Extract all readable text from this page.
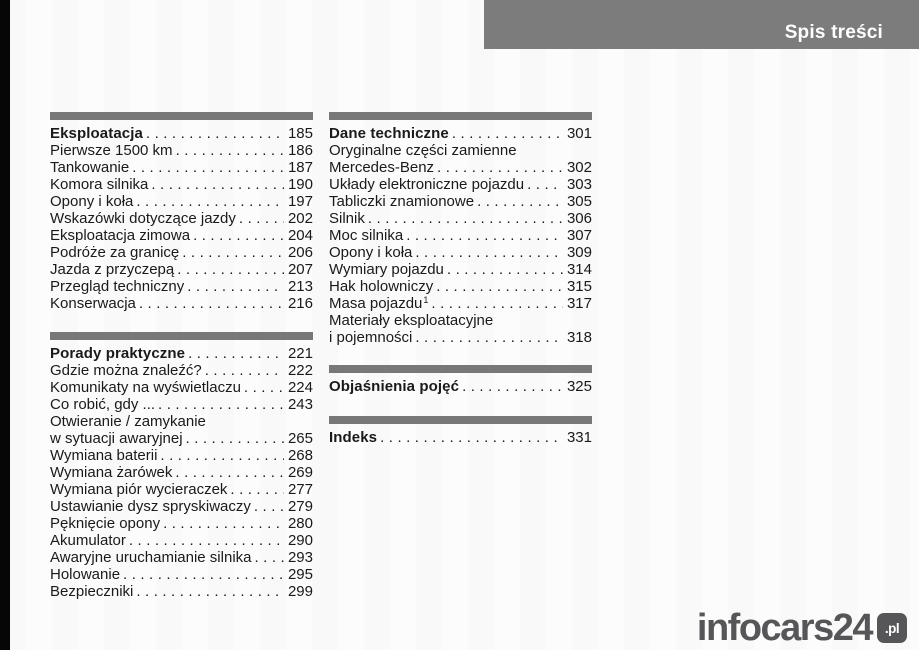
Spis treści
Eksploatacja .....	185
Pierwsze 1500 km .....	186
Tankowanie .....	187
Komora silnika .....	190
Opony i koła .....	197
Wskazówki dotyczące jazdy .....	202
Eksploatacja zimowa .....	204
Podróże za granicę .....	206
Jazda z przyczepą .....	207
Przegląd techniczny .....	213
Konserwacja .....	216
Porady praktyczne .....	221
Gdzie można znaleźć? .....	222
Komunikaty na wyświetlaczu .....	224
Co robić, gdy ... .....	243
Otwieranie / zamykanie
w sytuacji awaryjnej .....	265
Wymiana baterii .....	268
Wymiana żarówek .....	269
Wymiana piór wycieraczek .....	277
Ustawianie dysz spryskiwaczy ..... 279
Pęknięcie opony .....	280
Akumulator .....	290
Awaryjne uruchamianie silnika ..... 293
Holowanie .....	295
Bezpieczniki .....	299
Dane techniczne .....	301
Oryginalne części zamienne
Mercedes-Benz .....	302
Układy elektroniczne pojazdu .....	303
Tabliczki znamionowe .....	305
Silnik .....	306
Moc silnika .....	307
Opony i koła .....	309
Wymiary pojazdu .....	314
Hak holowniczy .....	315
Masa pojazdu$^1$ .....	317
Materiały eksploatacyjne
i pojemności .....	318
Objaśnienia pojęć .....	325
Indeks .....	331
infocars24 .pl
